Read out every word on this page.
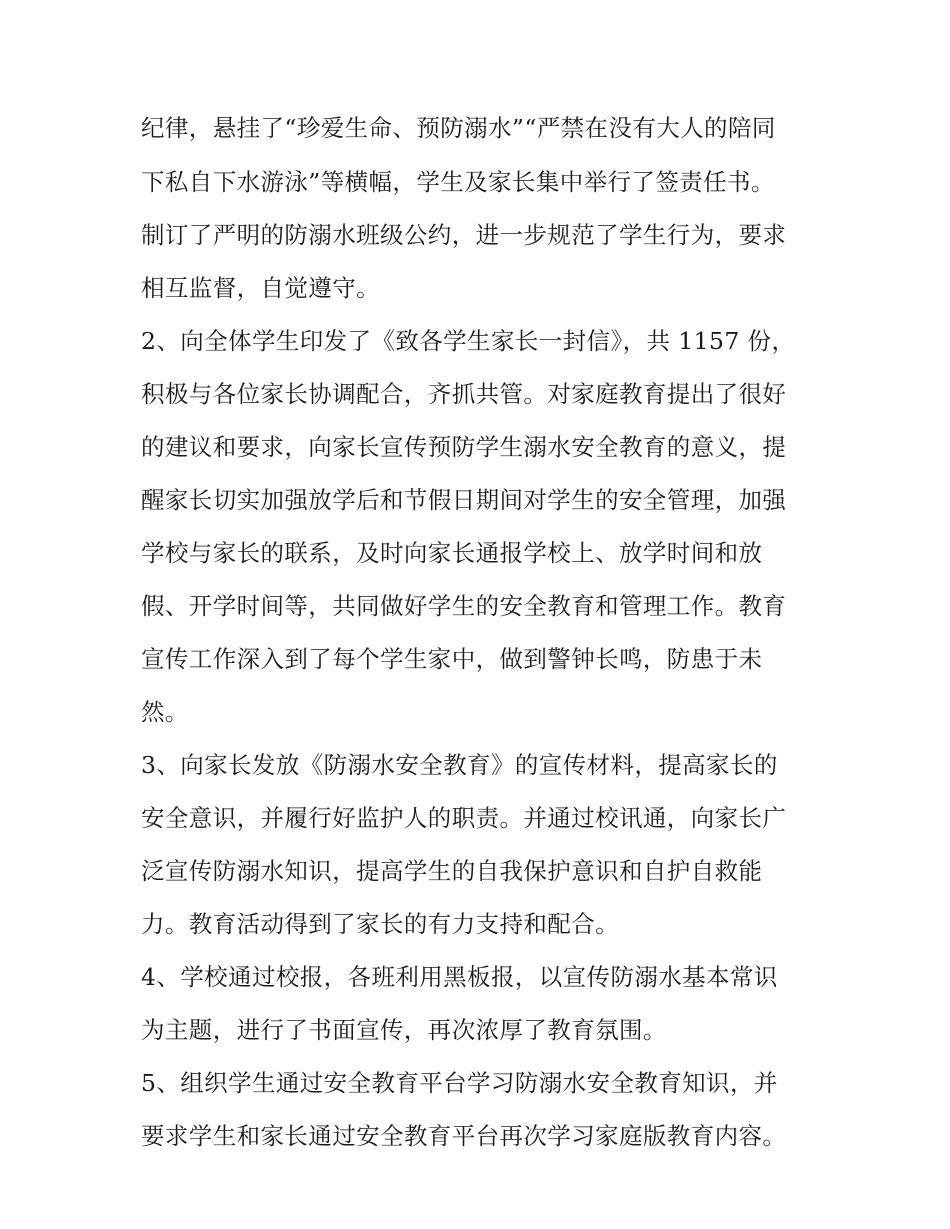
纪律，悬挂了“珍爱生命、预防溺水”“严禁在没有大人的陪同
下私自下水游泳”等横幅，学生及家长集中举行了签责任书。
制订了严明的防溺水班级公约，进一步规范了学生行为，要求
相互监督，自觉遵守。
2、向全体学生印发了《致各学生家长一封信》，共 1157 份，
积极与各位家长协调配合，齐抓共管。对家庭教育提出了很好
的建议和要求，向家长宣传预防学生溺水安全教育的意义，提
醒家长切实加强放学后和节假日期间对学生的安全管理，加强
学校与家长的联系，及时向家长通报学校上、放学时间和放
假、开学时间等，共同做好学生的安全教育和管理工作。教育
宣传工作深入到了每个学生家中，做到警钟长鸣，防患于未
然。
3、向家长发放《防溺水安全教育》的宣传材料，提高家长的
安全意识，并履行好监护人的职责。并通过校讯通，向家长广
泛宣传防溺水知识，提高学生的自我保护意识和自护自救能
力。教育活动得到了家长的有力支持和配合。
4、学校通过校报，各班利用黑板报，以宣传防溺水基本常识
为主题，进行了书面宣传，再次浓厚了教育氛围。
5、组织学生通过安全教育平台学习防溺水安全教育知识，并
要求学生和家长通过安全教育平台再次学习家庭版教育内容。
